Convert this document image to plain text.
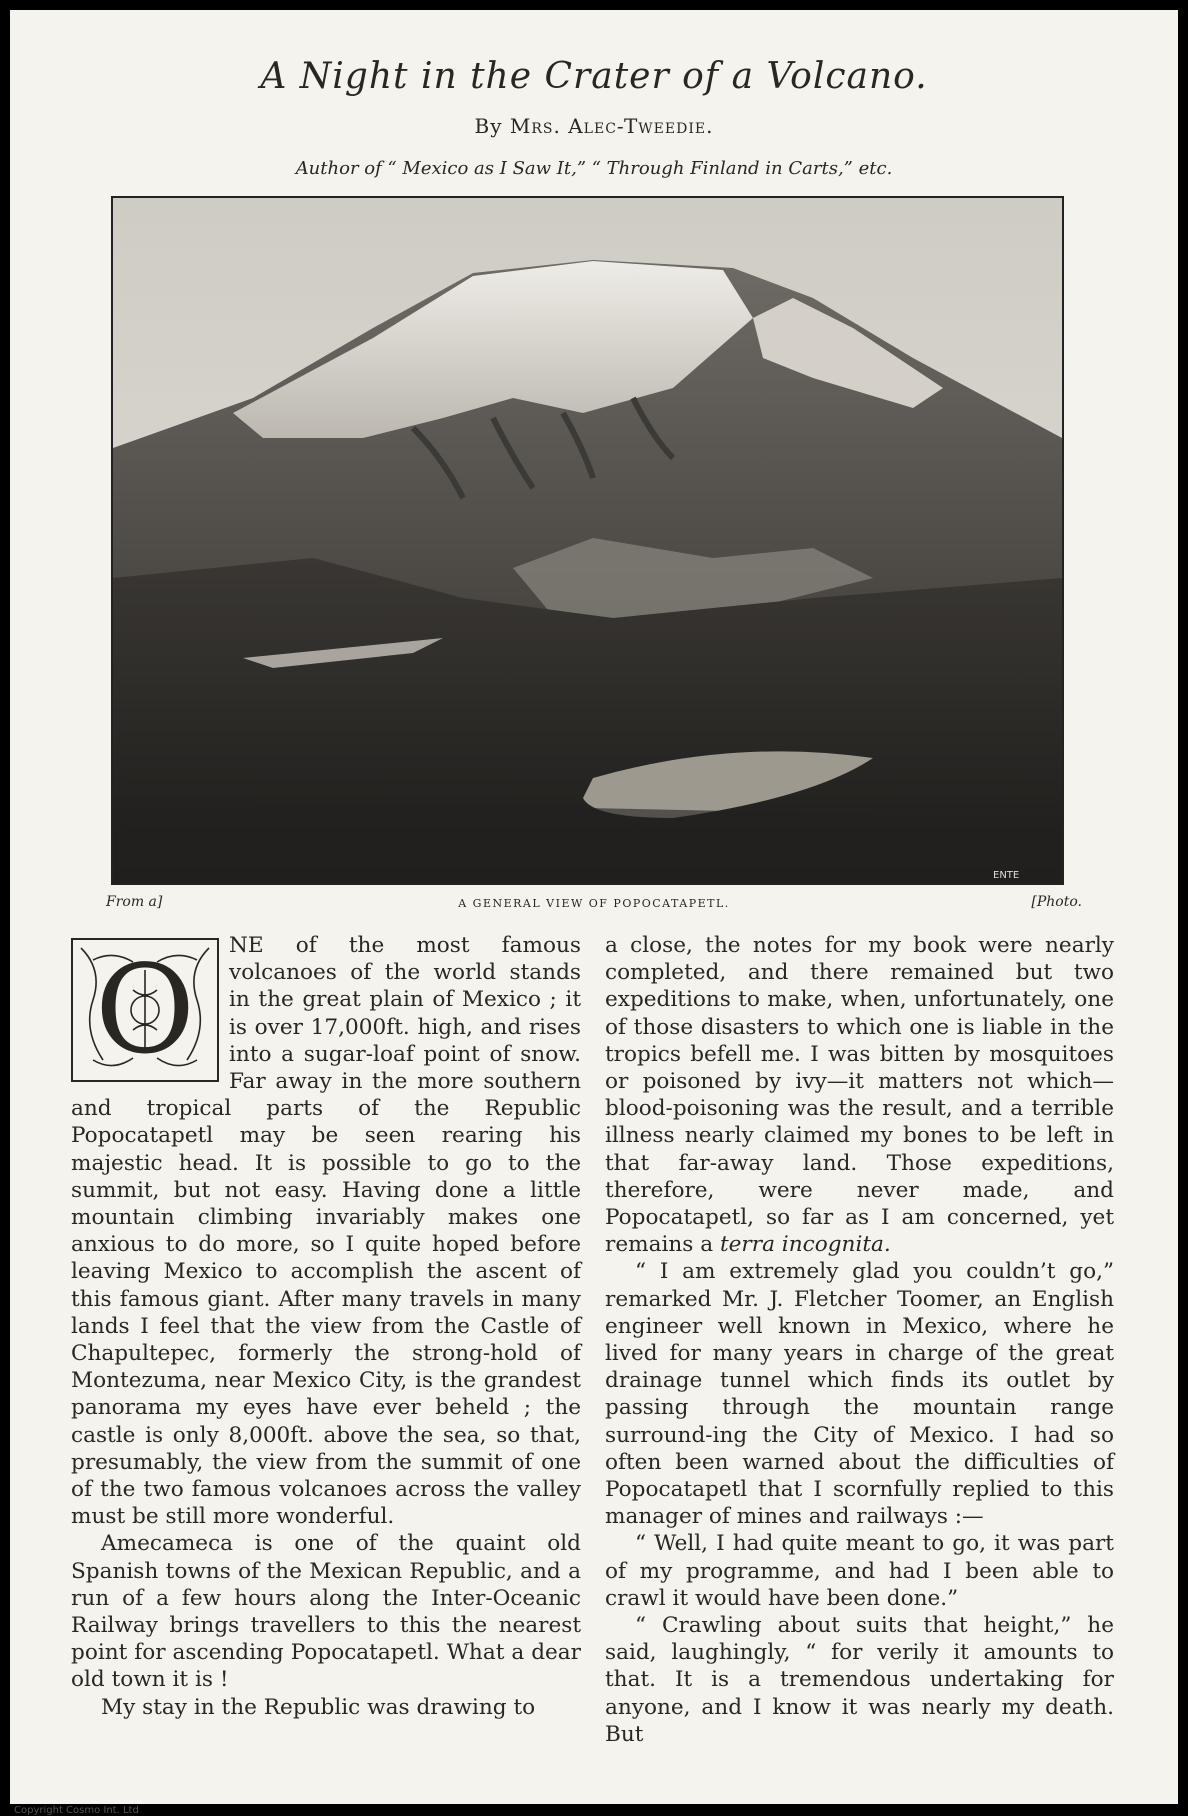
A Night in the Crater of a Volcano.
By Mrs. Alec-Tweedie.
Author of “ Mexico as I Saw It,” “ Through Finland in Carts,” etc.
ENTE
From a]	A GENERAL VIEW OF POPOCATAPETL.	[Photo.

O	NE of the most famous volcanoes of the world stands in the great plain of Mexico ; it is over 17,000ft. high, and rises into a sugar-loaf point of snow. Far away in the more southern and tropical parts of the Republic Popocatapetl may be seen rearing his majestic head. It is possible to go to the summit, but not easy. Having done a little mountain climbing invariably makes one anxious to do more, so I quite hoped before leaving Mexico to accomplish the ascent of this famous giant. After many travels in many lands I feel that the view from the Castle of Chapultepec, formerly the strong-hold of Montezuma, near Mexico City, is the grandest panorama my eyes have ever beheld ; the castle is only 8,000ft. above the sea, so that, presumably, the view from the summit of one of the two famous volcanoes across the valley must be still more wonderful.

Amecameca is one of the quaint old Spanish towns of the Mexican Republic, and a run of a few hours along the Inter-Oceanic Railway brings travellers to this the nearest point for ascending Popocatapetl. What a dear old town it is !

My stay in the Republic was drawing to

a close, the notes for my book were nearly completed, and there remained but two expeditions to make, when, unfortunately, one of those disasters to which one is liable in the tropics befell me. I was bitten by mosquitoes or poisoned by ivy—it matters not which—blood-poisoning was the result, and a terrible illness nearly claimed my bones to be left in that far-away land. Those expeditions, therefore, were never made, and Popocatapetl, so far as I am concerned, yet remains a terra incognita.

“ I am extremely glad you couldn’t go,” remarked Mr. J. Fletcher Toomer, an English engineer well known in Mexico, where he lived for many years in charge of the great drainage tunnel which finds its outlet by passing through the mountain range surround-ing the City of Mexico. I had so often been warned about the difficulties of Popocatapetl that I scornfully replied to this manager of mines and railways :—

“ Well, I had quite meant to go, it was part of my programme, and had I been able to crawl it would have been done.”

“ Crawling about suits that height,” he said, laughingly, “ for verily it amounts to that. It is a tremendous undertaking for anyone, and I know it was nearly my death. But

Copyright Cosmo Int. Ltd
